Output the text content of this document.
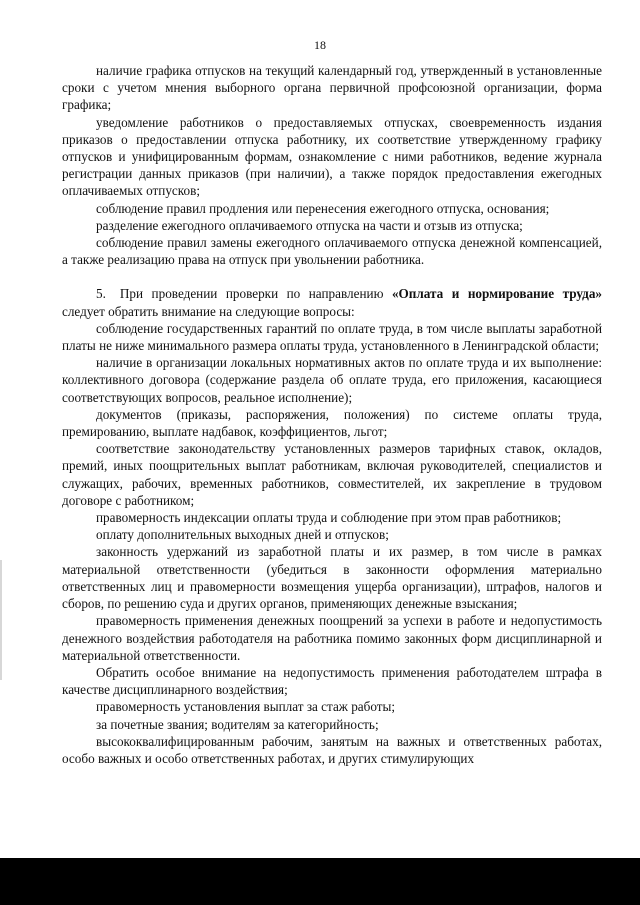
18

наличие графика отпусков на текущий календарный год, утвержденный в установленные сроки с учетом мнения выборного органа первичной профсоюзной организации, форма графика;

уведомление работников о предоставляемых отпусках, своевременность издания приказов о предоставлении отпуска работнику, их соответствие утвержденному графику отпусков и унифицированным формам, ознакомление с ними работников, ведение журнала регистрации данных приказов (при наличии), а также порядок предоставления ежегодных оплачиваемых отпусков;

соблюдение правил продления или перенесения ежегодного отпуска, основания;

разделение ежегодного оплачиваемого отпуска на части и отзыв из отпуска;

соблюдение правил замены ежегодного оплачиваемого отпуска денежной компенсацией, а также реализацию права на отпуск при увольнении работника.

5. При проведении проверки по направлению «Оплата и нормирование труда» следует обратить внимание на следующие вопросы:

соблюдение государственных гарантий по оплате труда, в том числе выплаты заработной платы не ниже минимального размера оплаты труда, установленного в Ленинградской области;

наличие в организации локальных нормативных актов по оплате труда и их выполнение: коллективного договора (содержание раздела об оплате труда, его приложения, касающиеся соответствующих вопросов, реальное исполнение);

документов (приказы, распоряжения, положения) по системе оплаты труда, премированию, выплате надбавок, коэффициентов, льгот;

соответствие законодательству установленных размеров тарифных ставок, окладов, премий, иных поощрительных выплат работникам, включая руководителей, специалистов и служащих, рабочих, временных работников, совместителей, их закрепление в трудовом договоре с работником;

правомерность индексации оплаты труда и соблюдение при этом прав работников;

оплату дополнительных выходных дней и отпусков;

законность удержаний из заработной платы и их размер, в том числе в рамках материальной ответственности (убедиться в законности оформления материально ответственных лиц и правомерности возмещения ущерба организации), штрафов, налогов и сборов, по решению суда и других органов, применяющих денежные взыскания;

правомерность применения денежных поощрений за успехи в работе и недопустимость денежного воздействия работодателя на работника помимо законных форм дисциплинарной и материальной ответственности.

Обратить особое внимание на недопустимость применения работодателем штрафа в качестве дисциплинарного воздействия;

правомерность установления выплат за стаж работы;

за почетные звания; водителям за категорийность;

высококвалифицированным рабочим, занятым на важных и ответственных работах, особо важных и особо ответственных работах, и других стимулирующих
